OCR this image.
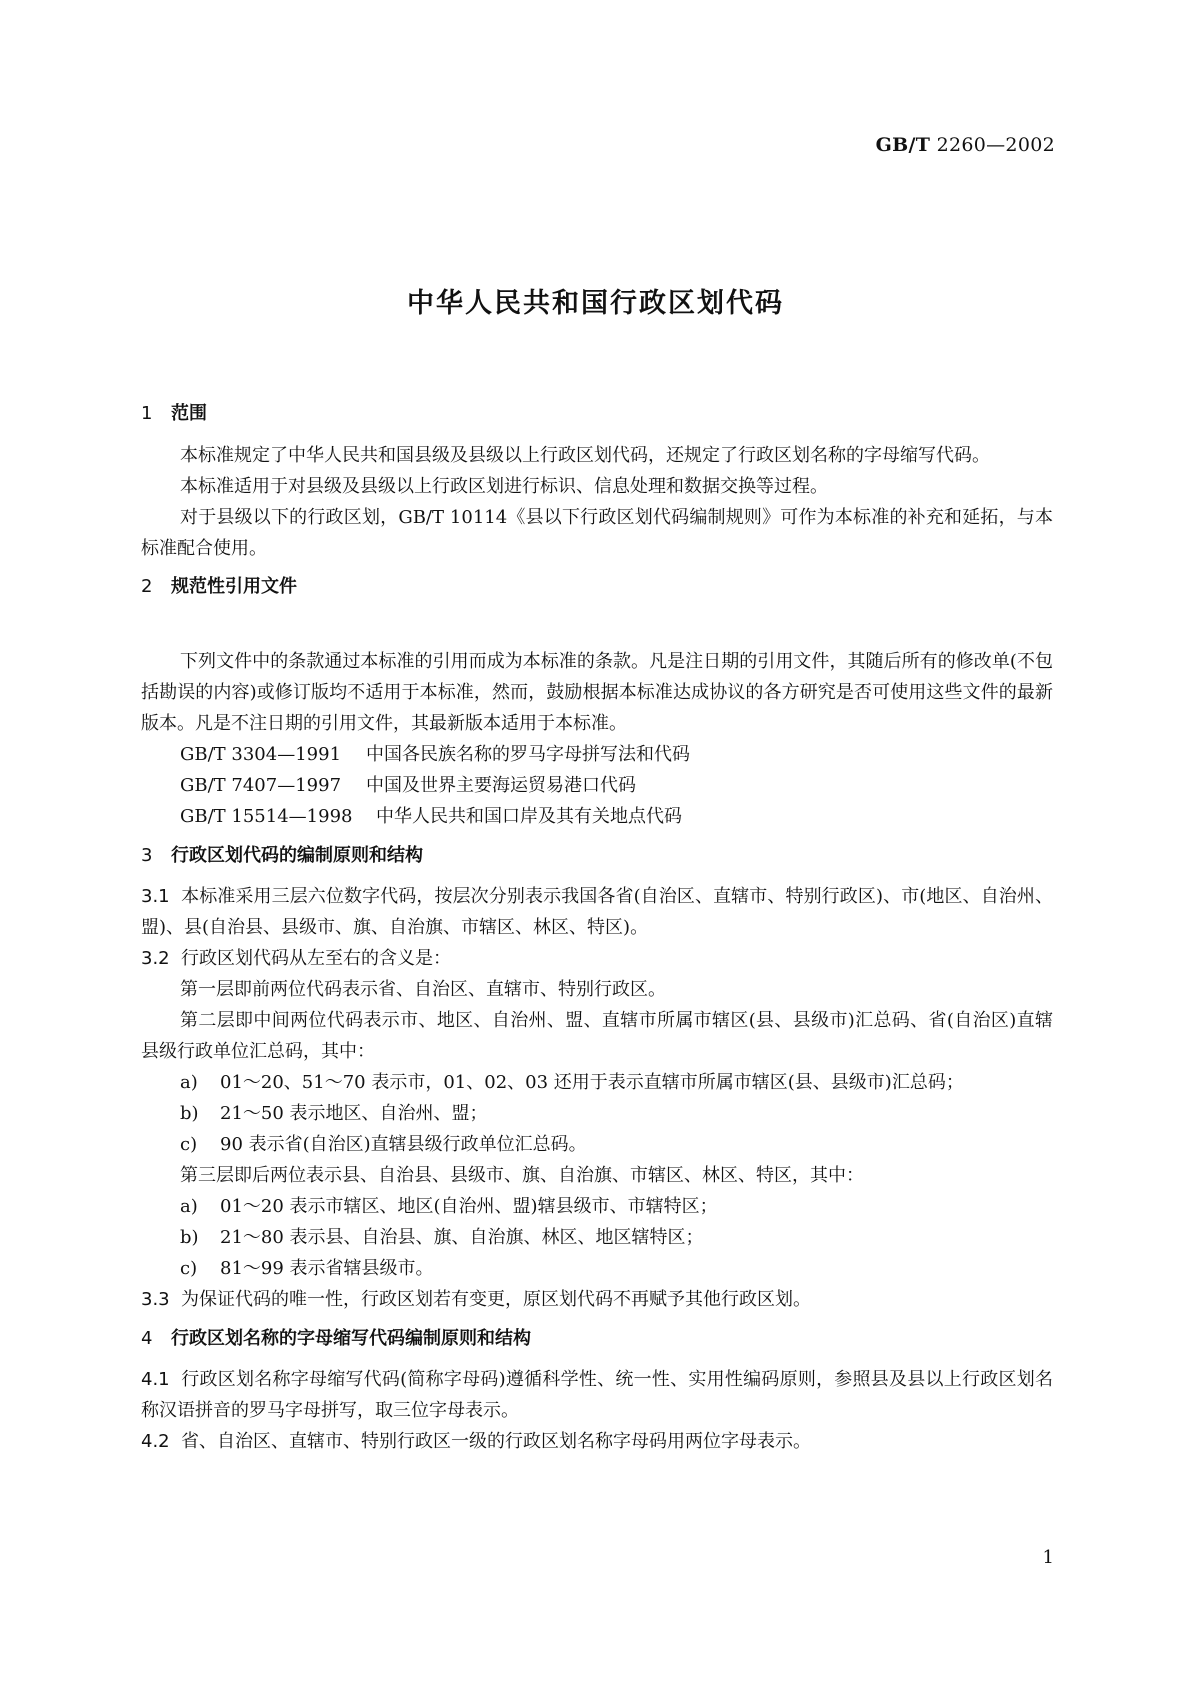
GB/T 2260—2002
中华人民共和国行政区划代码
1 范围

本标准规定了中华人民共和国县级及县级以上行政区划代码，还规定了行政区划名称的字母缩写代码。

本标准适用于对县级及县级以上行政区划进行标识、信息处理和数据交换等过程。

对于县级以下的行政区划，GB/T 10114《县以下行政区划代码编制规则》可作为本标准的补充和延拓，与本标准配合使用。

2 规范性引用文件

下列文件中的条款通过本标准的引用而成为本标准的条款。凡是注日期的引用文件，其随后所有的修改单(不包括勘误的内容)或修订版均不适用于本标准，然而，鼓励根据本标准达成协议的各方研究是否可使用这些文件的最新版本。凡是不注日期的引用文件，其最新版本适用于本标准。

GB/T 3304—1991 中国各民族名称的罗马字母拼写法和代码
GB/T 7407—1997 中国及世界主要海运贸易港口代码
GB/T 15514—1998 中华人民共和国口岸及其有关地点代码
3 行政区划代码的编制原则和结构

3.1 本标准采用三层六位数字代码，按层次分别表示我国各省(自治区、直辖市、特别行政区)、市(地区、自治州、盟)、县(自治县、县级市、旗、自治旗、市辖区、林区、特区)。

3.2 行政区划代码从左至右的含义是：

第一层即前两位代码表示省、自治区、直辖市、特别行政区。

第二层即中间两位代码表示市、地区、自治州、盟、直辖市所属市辖区(县、县级市)汇总码、省(自治区)直辖县级行政单位汇总码，其中：

a) 01～20、51～70 表示市，01、02、03 还用于表示直辖市所属市辖区(县、县级市)汇总码；
b) 21～50 表示地区、自治州、盟；
c) 90 表示省(自治区)直辖县级行政单位汇总码。

第三层即后两位表示县、自治县、县级市、旗、自治旗、市辖区、林区、特区，其中：

a) 01～20 表示市辖区、地区(自治州、盟)辖县级市、市辖特区；
b) 21～80 表示县、自治县、旗、自治旗、林区、地区辖特区；
c) 81～99 表示省辖县级市。

3.3 为保证代码的唯一性，行政区划若有变更，原区划代码不再赋予其他行政区划。

4 行政区划名称的字母缩写代码编制原则和结构

4.1 行政区划名称字母缩写代码(简称字母码)遵循科学性、统一性、实用性编码原则，参照县及县以上行政区划名称汉语拼音的罗马字母拼写，取三位字母表示。

4.2 省、自治区、直辖市、特别行政区一级的行政区划名称字母码用两位字母表示。

1
